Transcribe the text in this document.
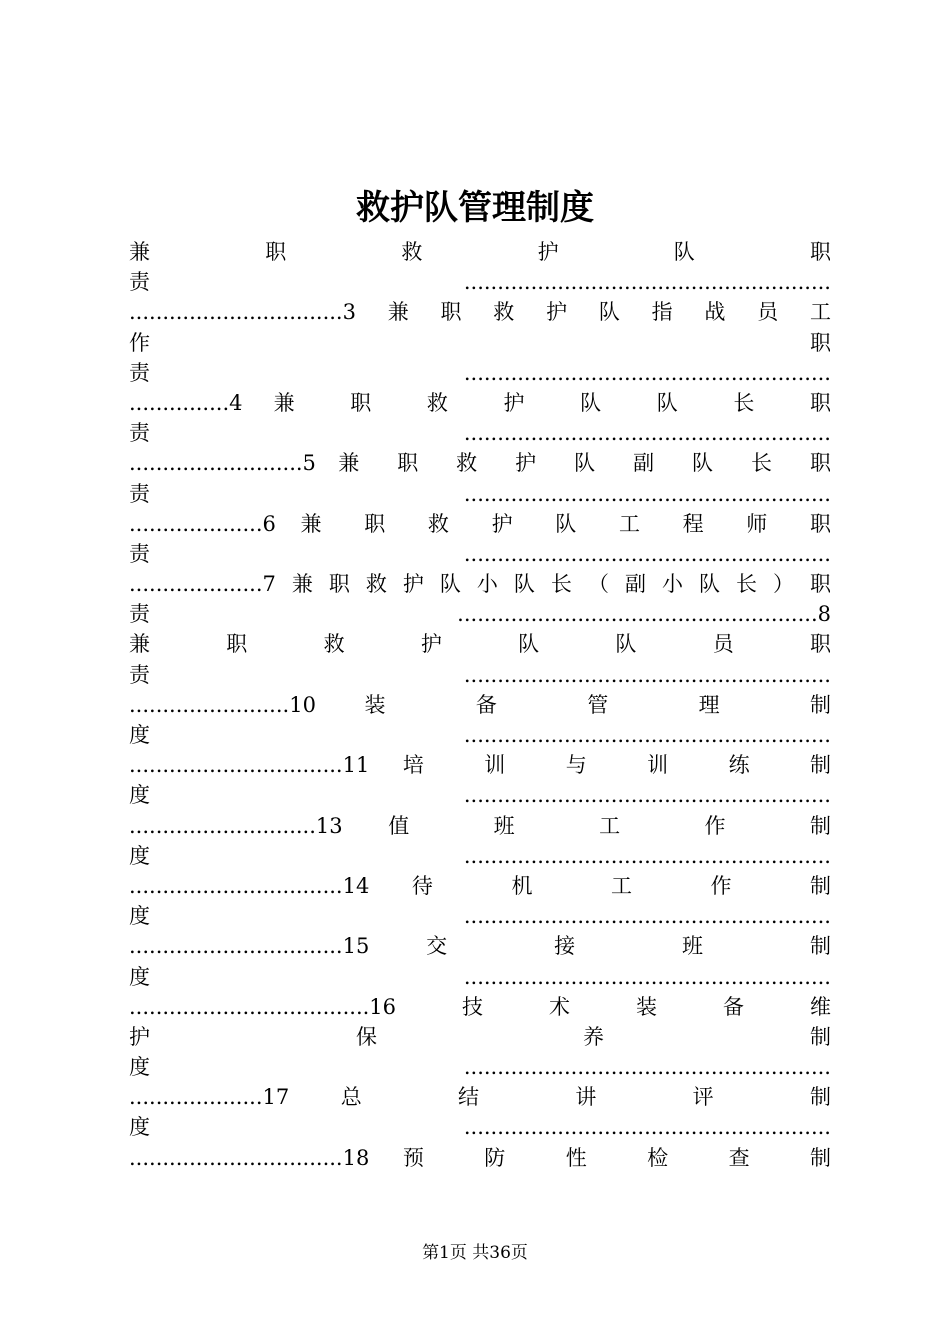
救护队管理制度
兼 职 救 护 队 职
责.......................................................
................................3兼职救护队指战员工
作 职
责.......................................................
...............4 兼 职 救 护 队 队 长 职
责.......................................................
..........................5 兼 职 救 护 队 副 队 长 职
责.......................................................
....................6 兼 职 救 护 队 工 程 师 职
责.......................................................
....................7兼职救护队小队长（副小队长）职
责......................................................8
兼 职 救 护 队 队 员 职
责.......................................................
........................10 装 备 管 理 制
度.......................................................
................................11 培 训 与 训 练 制
度.......................................................
............................13 值 班 工 作 制
度.......................................................
................................14 待 机 工 作 制
度.......................................................
................................15 交 接 班 制
度.......................................................
....................................16技术装备维
护 保 养 制
度.......................................................
....................17 总 结 讲 评 制
度.......................................................
................................18 预 防 性 检 查 制
第1页 共36页
